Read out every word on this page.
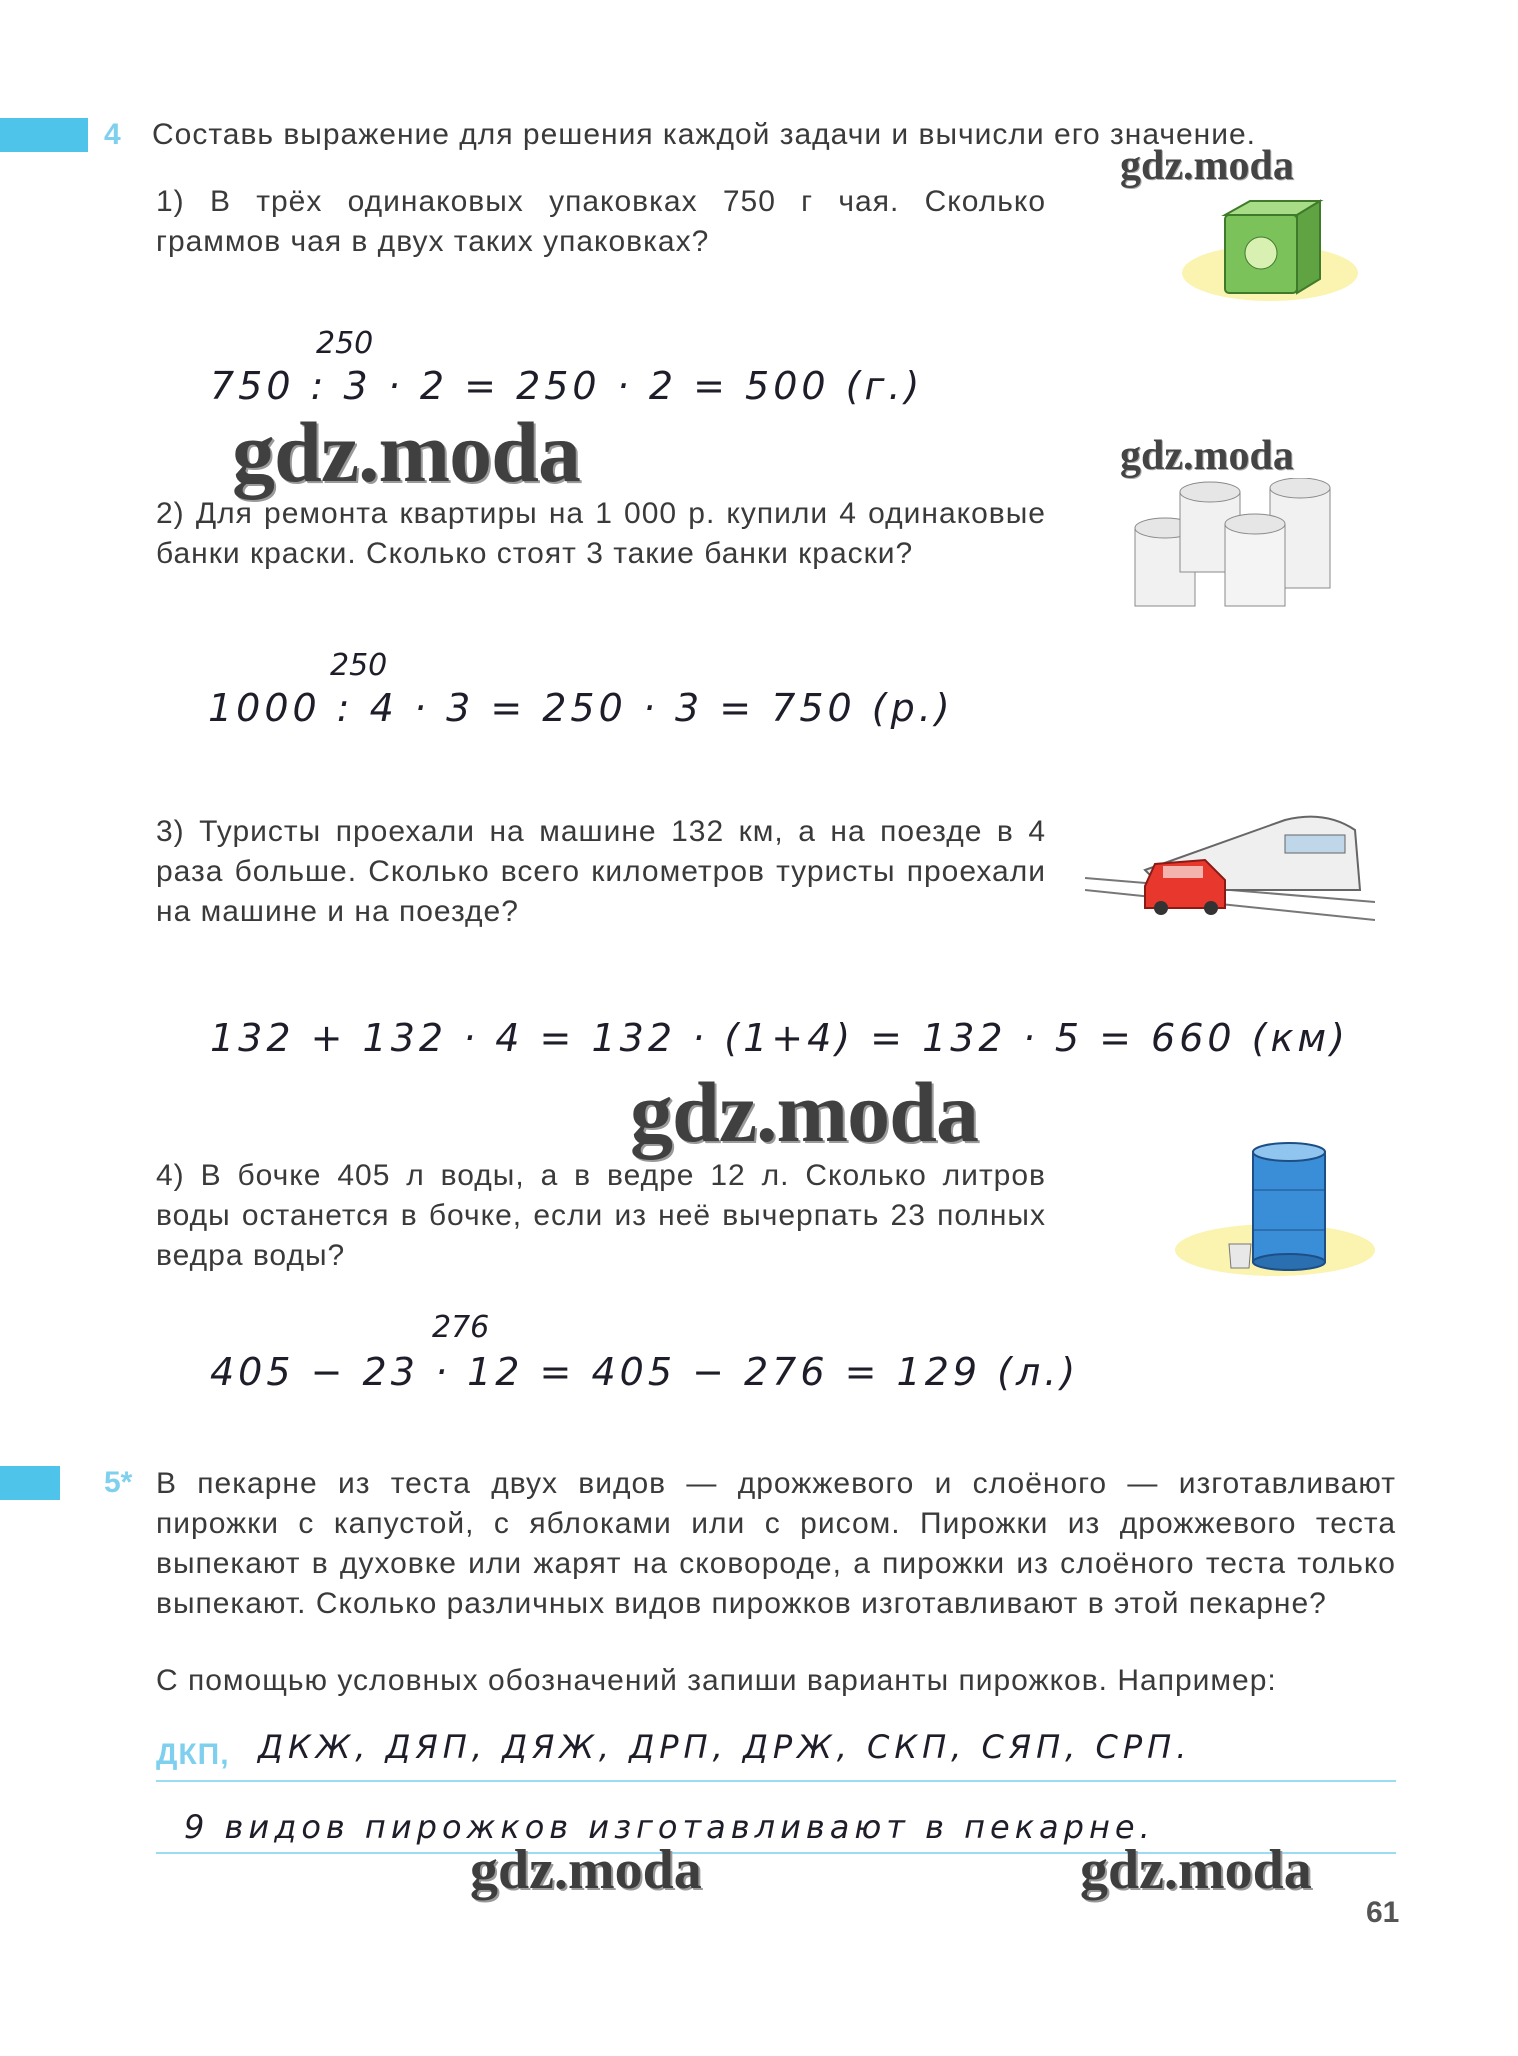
4 Составь выражение для решения каждой задачи и вычисли его значение.
gdz.moda

1) В трёх одинаковых упаковках 750 г чая. Сколько граммов чая в двух таких упаковках?

250
750 : 3 · 2 = 250 · 2 = 500 (г.)
gdz.moda	gdz.moda

2) Для ремонта квартиры на 1 000 р. купили 4 одинаковые банки краски. Сколько стоят 3 такие банки краски?

250
1000 : 4 · 3 = 250 · 3 = 750 (р.)

3) Туристы проехали на машине 132 км, а на поезде в 4 раза больше. Сколько всего километров туристы проехали на машине и на поезде?

132 + 132 · 4 = 132 · (1+4) = 132 · 5 = 660 (км)
gdz.moda

4) В бочке 405 л воды, а в ведре 12 л. Сколько литров воды останется в бочке, если из неё вычерпать 23 полных ведра воды?

276
405 − 23 · 12 = 405 − 276 = 129 (л.)
5* В пекарне из теста двух видов — дрожжевого и слоёного — изготавливают пирожки с капустой, с яблоками или с рисом. Пирожки из дрожжевого теста выпекают в духовке или жарят на сковороде, а пирожки из слоёного теста только выпекают. Сколько различных видов пирожков изготавливают в этой пекарне?

С помощью условных обозначений запиши варианты пирожков. Например:
ДКП, ДКЖ, ДЯП, ДЯЖ, ДРП, ДРЖ, СКП, СЯП, СРП.
9 видов пирожков изготавливают в пекарне.
gdz.moda	gdz.moda
61
